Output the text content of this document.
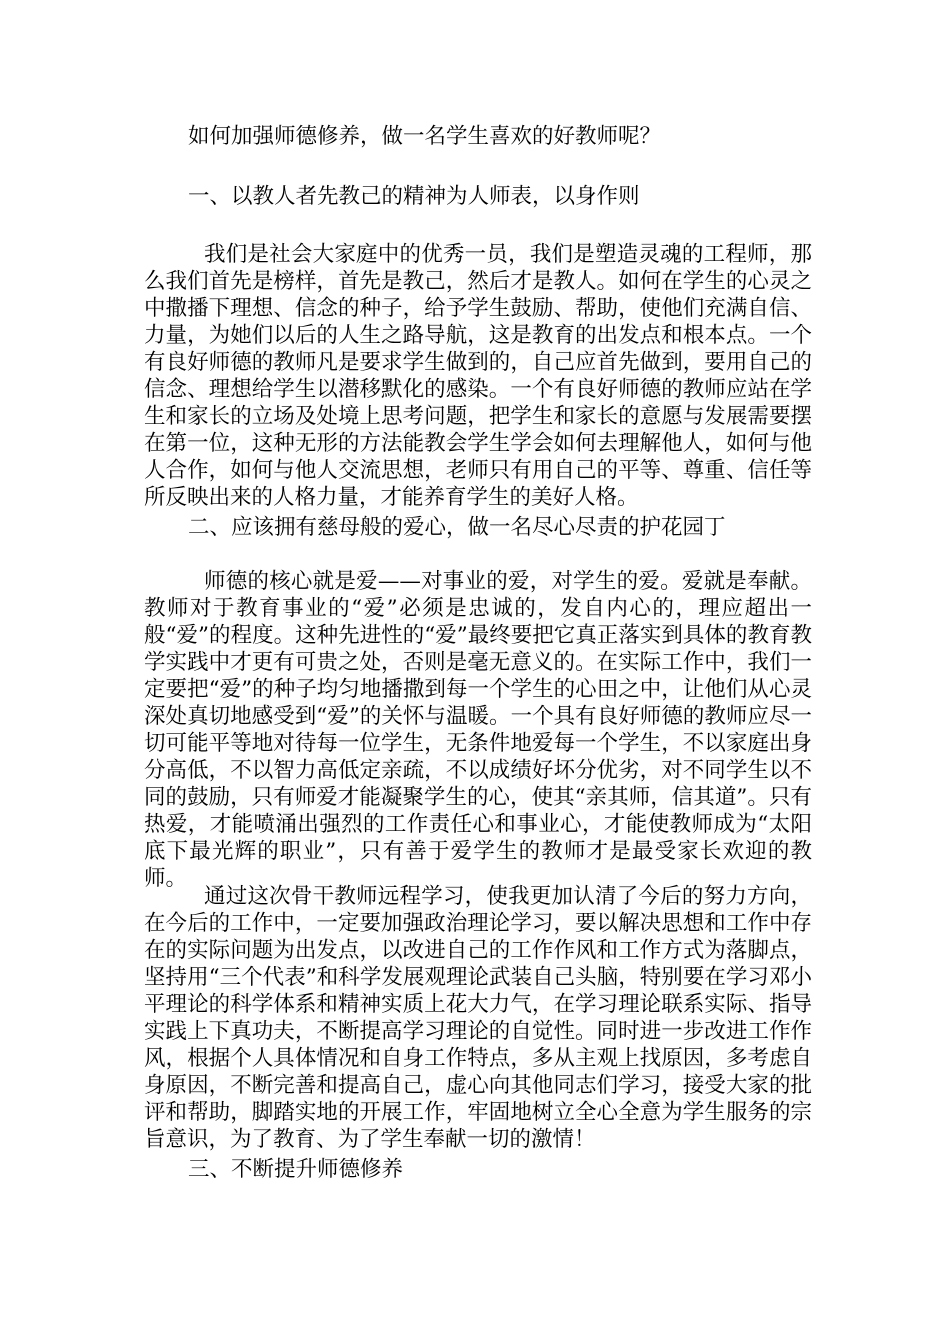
如何加强师德修养，做一名学生喜欢的好教师呢？

一、以教人者先教己的精神为人师表，以身作则

我们是社会大家庭中的优秀一员，我们是塑造灵魂的工程师，那么我们首先是榜样，首先是教己，然后才是教人。如何在学生的心灵之中撒播下理想、信念的种子，给予学生鼓励、帮助，使他们充满自信、力量，为她们以后的人生之路导航，这是教育的出发点和根本点。一个有良好师德的教师凡是要求学生做到的，自己应首先做到，要用自己的信念、理想给学生以潜移默化的感染。一个有良好师德的教师应站在学生和家长的立场及处境上思考问题，把学生和家长的意愿与发展需要摆在第一位，这种无形的方法能教会学生学会如何去理解他人，如何与他人合作，如何与他人交流思想，老师只有用自己的平等、尊重、信任等所反映出来的人格力量，才能养育学生的美好人格。

二、应该拥有慈母般的爱心，做一名尽心尽责的护花园丁

师德的核心就是爱——对事业的爱，对学生的爱。爱就是奉献。教师对于教育事业的“爱”必须是忠诚的，发自内心的，理应超出一般“爱”的程度。这种先进性的“爱”最终要把它真正落实到具体的教育教学实践中才更有可贵之处，否则是毫无意义的。在实际工作中，我们一定要把“爱”的种子均匀地播撒到每一个学生的心田之中，让他们从心灵深处真切地感受到“爱”的关怀与温暖。一个具有良好师德的教师应尽一切可能平等地对待每一位学生，无条件地爱每一个学生，不以家庭出身分高低，不以智力高低定亲疏，不以成绩好坏分优劣，对不同学生以不同的鼓励，只有师爱才能凝聚学生的心，使其“亲其师，信其道”。只有热爱，才能喷涌出强烈的工作责任心和事业心，才能使教师成为“太阳底下最光辉的职业”，只有善于爱学生的教师才是最受家长欢迎的教师。

通过这次骨干教师远程学习，使我更加认清了今后的努力方向，在今后的工作中，一定要加强政治理论学习，要以解决思想和工作中存在的实际问题为出发点，以改进自己的工作作风和工作方式为落脚点，坚持用“三个代表”和科学发展观理论武装自己头脑，特别要在学习邓小平理论的科学体系和精神实质上花大力气，在学习理论联系实际、指导实践上下真功夫，不断提高学习理论的自觉性。同时进一步改进工作作风，根据个人具体情况和自身工作特点，多从主观上找原因，多考虑自身原因，不断完善和提高自己，虚心向其他同志们学习，接受大家的批评和帮助，脚踏实地的开展工作，牢固地树立全心全意为学生服务的宗旨意识，为了教育、为了学生奉献一切的激情！

三、不断提升师德修养
